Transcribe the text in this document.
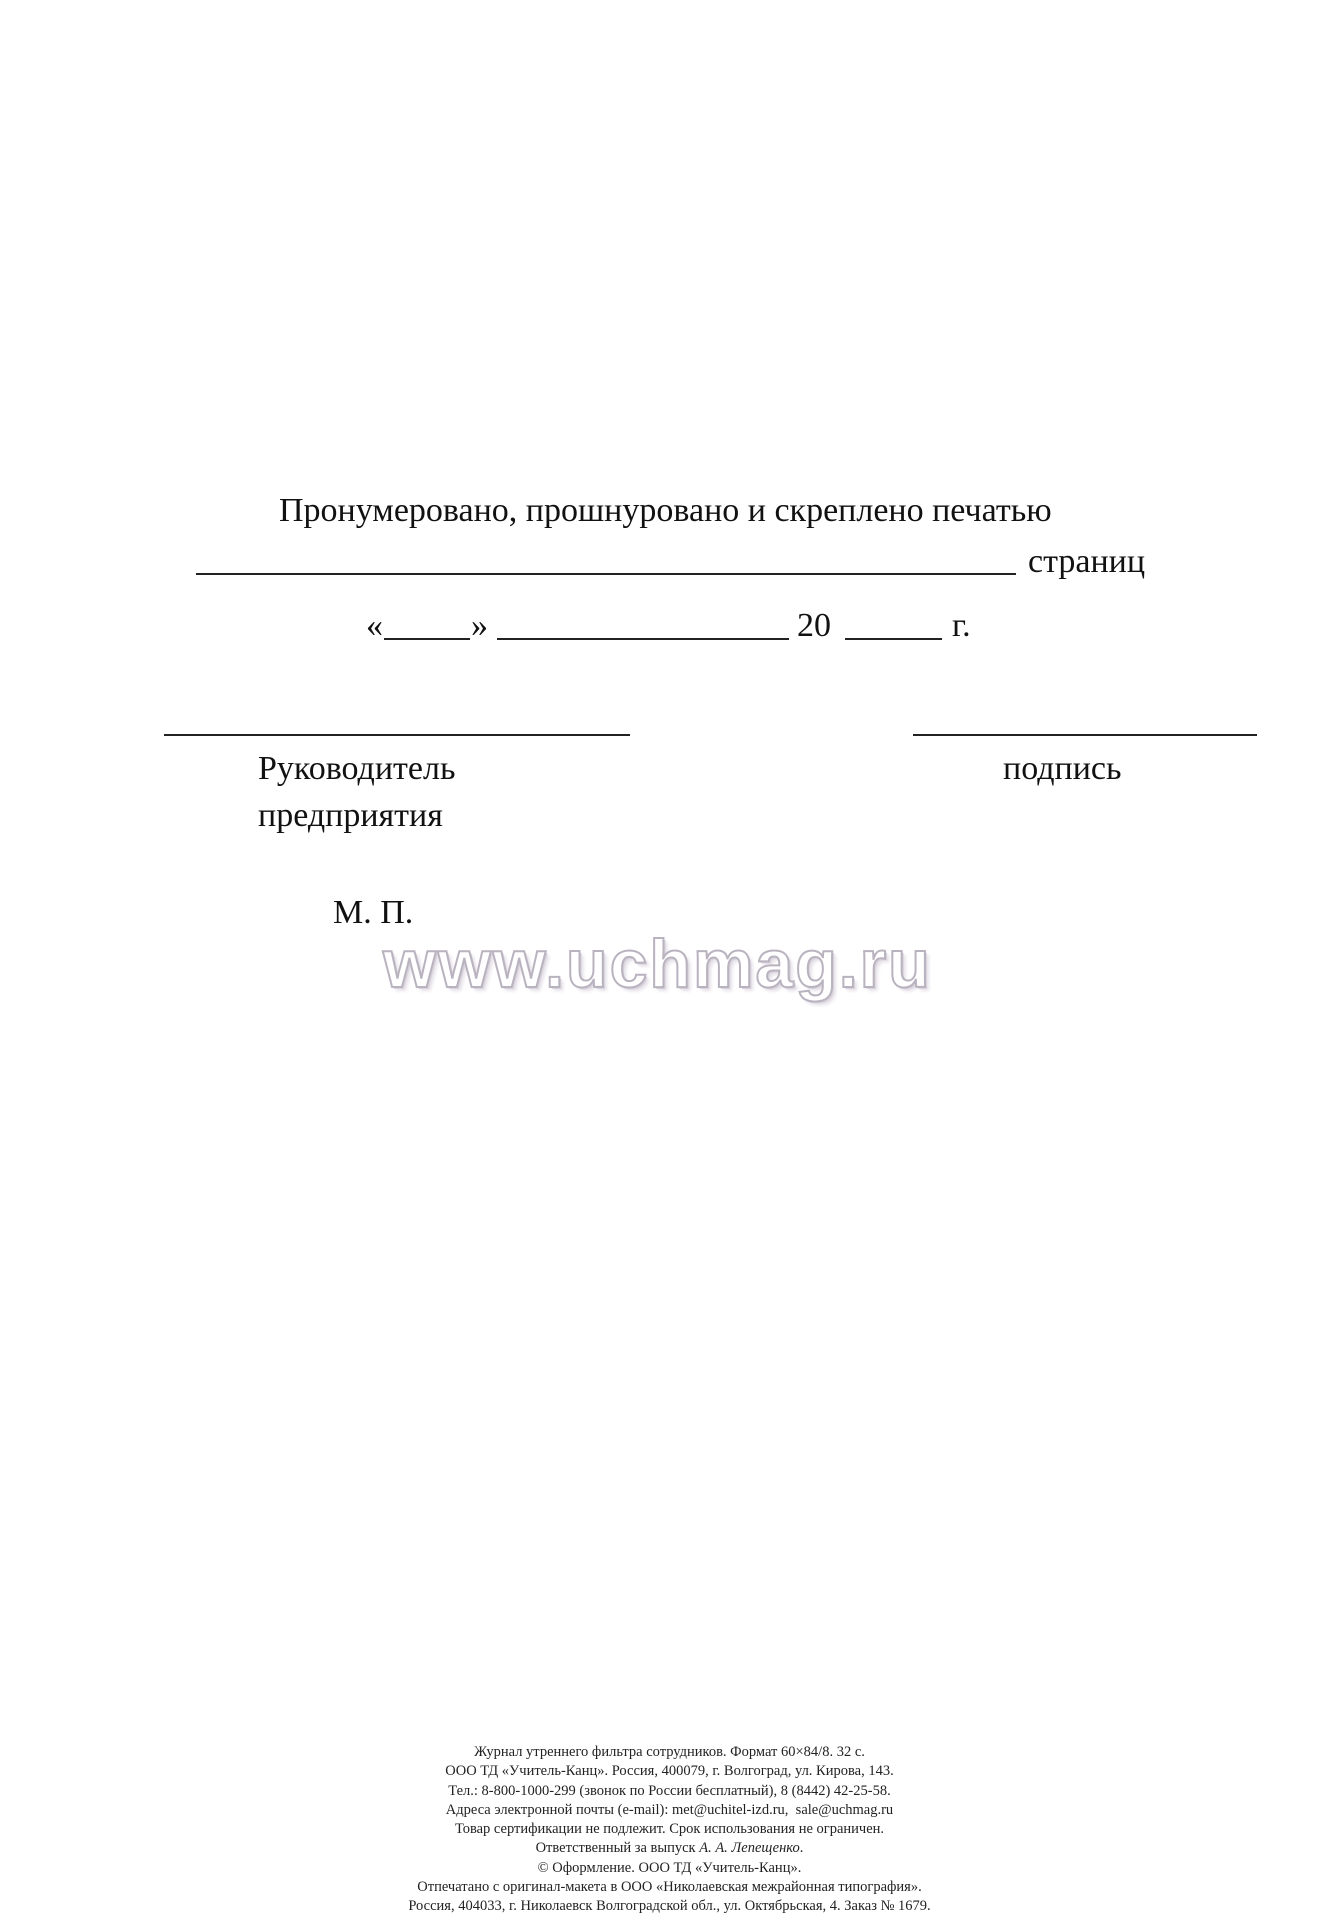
Пронумеровано, прошнуровано и скреплено печатью
страниц
«	»	20	г.
Руководитель
предприятия
подпись
М. П.
www.uchmag.ru
Журнал утреннего фильтра сотрудников. Формат 60×84/8. 32 с.
ООО ТД «Учитель-Канц». Россия, 400079, г. Волгоград, ул. Кирова, 143.
Тел.: 8-800-1000-299 (звонок по России бесплатный), 8 (8442) 42-25-58.
Адреса электронной почты (e-mail): met@uchitel-izd.ru,  sale@uchmag.ru
Товар сертификации не подлежит. Срок использования не ограничен.
Ответственный за выпуск А. А. Лепещенко.
© Оформление. ООО ТД «Учитель-Канц».
Отпечатано с оригинал-макета в ООО «Николаевская межрайонная типография».
Россия, 404033, г. Николаевск Волгоградской обл., ул. Октябрьская, 4. Заказ № 1679.
